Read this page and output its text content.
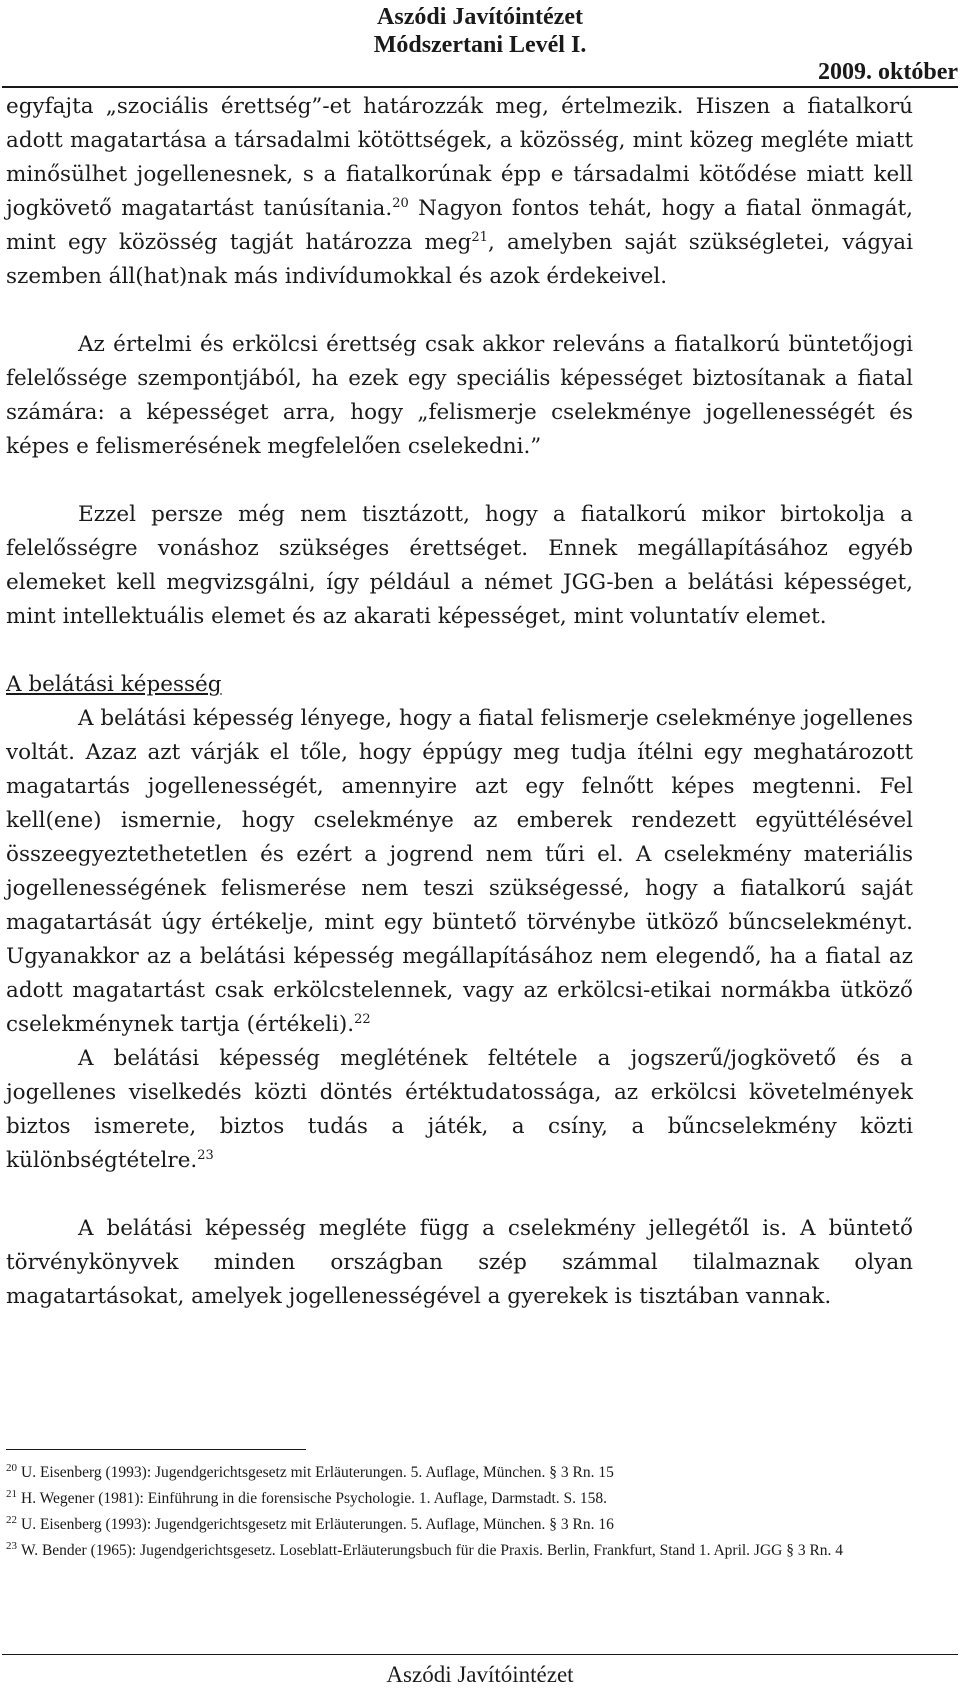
Aszódi Javítóintézet
Módszertani Levél I.
2009. október

egyfajta „szociális érettség”-et határozzák meg, értelmezik. Hiszen a fiatalkorú adott magatartása a társadalmi kötöttségek, a közösség, mint közeg megléte miatt minősülhet jogellenesnek, s a fiatalkorúnak épp e társadalmi kötődése miatt kell jogkövető magatartást tanúsítania.$^{20}$ Nagyon fontos tehát, hogy a fiatal önmagát, mint egy közösség tagját határozza meg$^{21}$, amelyben saját szükségletei, vágyai szemben áll(hat)nak más indivídumokkal és azok érdekeivel.

Az értelmi és erkölcsi érettség csak akkor releváns a fiatalkorú büntetőjogi felelőssége szempontjából, ha ezek egy speciális képességet biztosítanak a fiatal számára: a képességet arra, hogy „felismerje cselekménye jogellenességét és képes e felismerésének megfelelően cselekedni.”

Ezzel persze még nem tisztázott, hogy a fiatalkorú mikor birtokolja a felelősségre vonáshoz szükséges érettséget. Ennek megállapításához egyéb elemeket kell megvizsgálni, így például a német JGG-ben a belátási képességet, mint intellektuális elemet és az akarati képességet, mint voluntatív elemet.

A belátási képesség

A belátási képesség lényege, hogy a fiatal felismerje cselekménye jogellenes voltát. Azaz azt várják el tőle, hogy éppúgy meg tudja ítélni egy meghatározott magatartás jogellenességét, amennyire azt egy felnőtt képes megtenni. Fel kell(ene) ismernie, hogy cselekménye az emberek rendezett együttélésével összeegyeztethetetlen és ezért a jogrend nem tűri el. A cselekmény materiális jogellenességének felismerése nem teszi szükségessé, hogy a fiatalkorú saját magatartását úgy értékelje, mint egy büntető törvénybe ütköző bűncselekményt. Ugyanakkor az a belátási képesség megállapításához nem elegendő, ha a fiatal az adott magatartást csak erkölcstelennek, vagy az erkölcsi-etikai normákba ütköző cselekménynek tartja (értékeli).$^{22}$

A belátási képesség meglétének feltétele a jogszerű/jogkövető és a jogellenes viselkedés közti döntés értéktudatossága, az erkölcsi követelmények biztos ismerete, biztos tudás a játék, a csíny, a bűncselekmény közti különbségtételre.$^{23}$

A belátási képesség megléte függ a cselekmény jellegétől is. A büntető törvénykönyvek minden országban szép számmal tilalmaznak olyan magatartásokat, amelyek jogellenességével a gyerekek is tisztában vannak.

$^{20}$ U. Eisenberg (1993): Jugendgerichtsgesetz mit Erläuterungen. 5. Auflage, München. § 3 Rn. 15

$^{21}$ H. Wegener (1981): Einführung in die forensische Psychologie. 1. Auflage, Darmstadt. S. 158.

$^{22}$ U. Eisenberg (1993): Jugendgerichtsgesetz mit Erläuterungen. 5. Auflage, München. § 3 Rn. 16

$^{23}$ W. Bender (1965): Jugendgerichtsgesetz. Loseblatt-Erläuterungsbuch für die Praxis. Berlin, Frankfurt, Stand 1. April. JGG § 3 Rn. 4

Aszódi Javítóintézet
